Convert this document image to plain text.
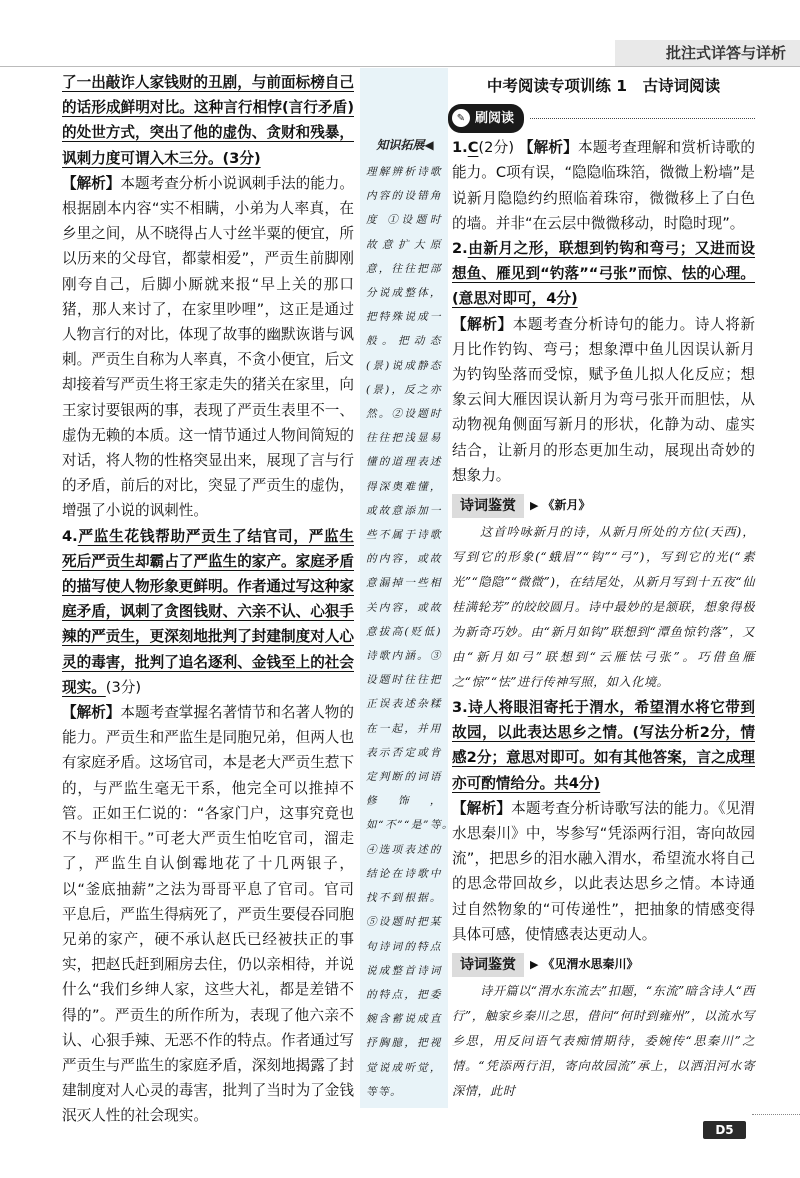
批注式详答与详析

了一出敲诈人家钱财的丑剧，与前面标榜自己的话形成鲜明对比。这种言行相悖(言行矛盾)的处世方式，突出了他的虚伪、贪财和残暴，讽刺力度可谓入木三分。(3分)

【解析】本题考查分析小说讽刺手法的能力。根据剧本内容“实不相瞒，小弟为人率真，在乡里之间，从不晓得占人寸丝半粟的便宜，所以历来的父母官，都蒙相爱”，严贡生前脚刚刚夸自己，后脚小厮就来报“早上关的那口猪，那人来讨了，在家里吵哩”，这正是通过人物言行的对比，体现了故事的幽默诙谐与讽刺。严贡生自称为人率真，不贪小便宜，后文却接着写严贡生将王家走失的猪关在家里，向王家讨要银两的事，表现了严贡生表里不一、虚伪无赖的本质。这一情节通过人物间简短的对话，将人物的性格突显出来，展现了言与行的矛盾，前后的对比，突显了严贡生的虚伪，增强了小说的讽刺性。

4.严监生花钱帮助严贡生了结官司，严监生死后严贡生却霸占了严监生的家产。家庭矛盾的描写使人物形象更鲜明。作者通过写这种家庭矛盾，讽刺了贪图钱财、六亲不认、心狠手辣的严贡生，更深刻地批判了封建制度对人心灵的毒害，批判了追名逐利、金钱至上的社会现实。(3分)

【解析】本题考查掌握名著情节和名著人物的能力。严贡生和严监生是同胞兄弟，但两人也有家庭矛盾。这场官司，本是老大严贡生惹下的，与严监生毫无干系，他完全可以推掉不管。正如王仁说的：“各家门户，这事究竟也不与你相干。”可老大严贡生怕吃官司，溜走了，严监生自认倒霉地花了十几两银子，以“釜底抽薪”之法为哥哥平息了官司。官司平息后，严监生得病死了，严贡生要侵吞同胞兄弟的家产，硬不承认赵氏已经被扶正的事实，把赵氏赶到厢房去住，仍以亲相待，并说什么“我们乡绅人家，这些大礼，都是差错不得的”。严贡生的所作所为，表现了他六亲不认、心狠手辣、无恶不作的特点。作者通过写严贡生与严监生的家庭矛盾，深刻地揭露了封建制度对人心灵的毒害，批判了当时为了金钱泯灭人性的社会现实。

知识拓展◀
理解辨析诗歌内容的设错角度 ①设题时故意扩大原意，往往把部分说成整体，把特殊说成一般。把动态(景)说成静态(景)，反之亦然。②设题时往往把浅显易懂的道理表述得深奥难懂，或故意添加一些不属于诗歌的内容，或故意漏掉一些相关内容，或故意拔高(贬低)诗歌内涵。③设题时往往把正误表述杂糅在一起，并用表示否定或肯定判断的词语修饰，如“不”“是”等。④选项表述的结论在诗歌中找不到根据。⑤设题时把某句诗词的特点说成整首诗词的特点，把委婉含蓄说成直抒胸臆，把视觉说成听觉，等等。
中考阅读专项训练 1　古诗词阅读
✎ 刷阅读

1.C(2分) 【解析】本题考查理解和赏析诗歌的能力。C项有误，“隐隐临珠箔，微微上粉墙”是说新月隐隐约约照临着珠帘，微微移上了白色的墙。并非“在云层中微微移动，时隐时现”。

2.由新月之形，联想到钓钩和弯弓；又进而设想鱼、雁见到“钓落”“弓张”而惊、怯的心理。(意思对即可，4分)

【解析】本题考查分析诗句的能力。诗人将新月比作钓钩、弯弓；想象潭中鱼儿因误认新月为钓钩坠落而受惊，赋予鱼儿拟人化反应；想象云间大雁因误认新月为弯弓张开而胆怯，从动物视角侧面写新月的形状，化静为动、虚实结合，让新月的形态更加生动，展现出奇妙的想象力。

诗词鉴赏	▶ 《新月》

这首吟咏新月的诗，从新月所处的方位(天西)，写到它的形象(“蛾眉”“钩”“弓”)，写到它的光(“素光”“隐隐”“微微”)，在结尾处，从新月写到十五夜“仙桂满轮芳”的皎皎圆月。诗中最妙的是颔联，想象得极为新奇巧妙。由“新月如钩”联想到“潭鱼惊钓落”，又由“新月如弓”联想到“云雁怯弓张”。巧借鱼雁之“惊”“怯”进行传神写照，如入化境。

3.诗人将眼泪寄托于渭水，希望渭水将它带到故园，以此表达思乡之情。(写法分析2分，情感2分；意思对即可。如有其他答案，言之成理亦可酌情给分。共4分)

【解析】本题考查分析诗歌写法的能力。《见渭水思秦川》中，岑参写“凭添两行泪，寄向故园流”，把思乡的泪水融入渭水，希望流水将自己的思念带回故乡，以此表达思乡之情。本诗通过自然物象的“可传递性”，把抽象的情感变得具体可感，使情感表达更动人。

诗词鉴赏	▶ 《见渭水思秦川》

诗开篇以“渭水东流去”扣题，“东流”暗含诗人“西行”，触家乡秦川之思，借问“何时到雍州”，以流水写乡思，用反问语气表痴情期待，委婉传“思秦川”之情。“凭添两行泪，寄向故园流”承上，以洒泪河水寄深情，此时

D5
